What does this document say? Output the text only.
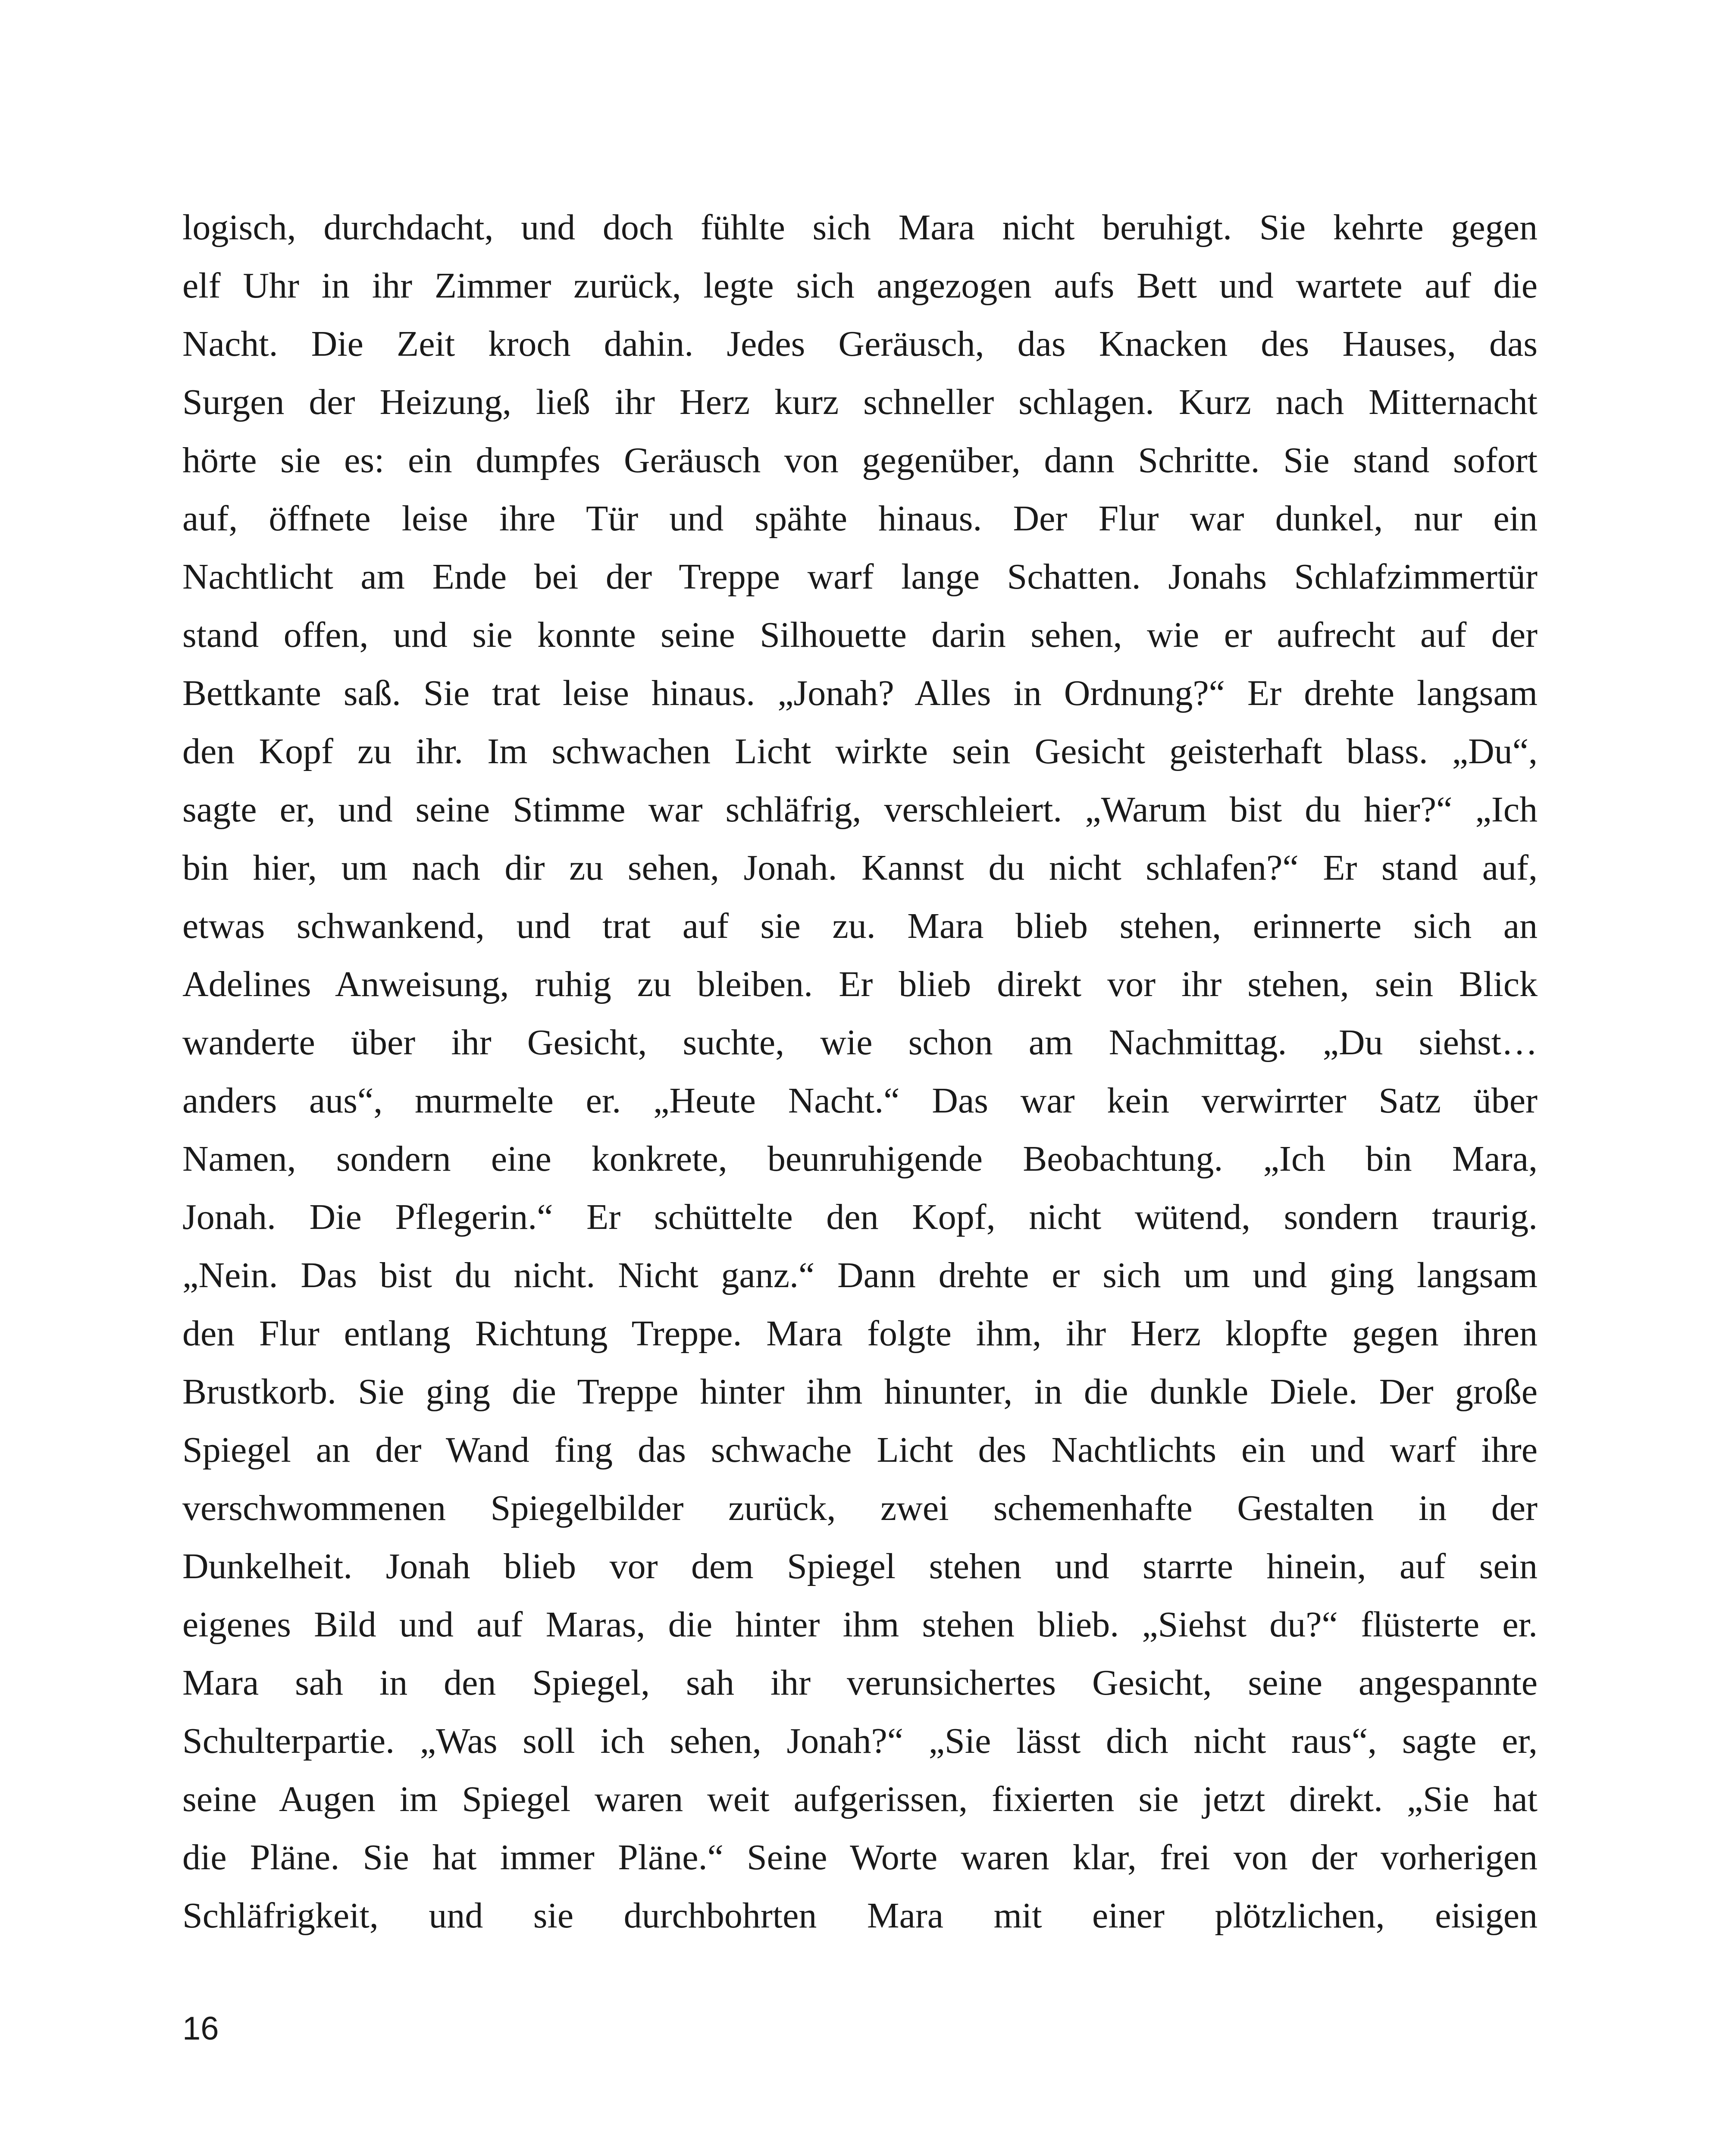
logisch, durchdacht, und doch fühlte sich Mara nicht beruhigt. Sie kehrte gegen
elf Uhr in ihr Zimmer zurück, legte sich angezogen aufs Bett und wartete auf die
Nacht. Die Zeit kroch dahin. Jedes Geräusch, das Knacken des Hauses, das
Surgen der Heizung, ließ ihr Herz kurz schneller schlagen. Kurz nach Mitternacht
hörte sie es: ein dumpfes Geräusch von gegenüber, dann Schritte. Sie stand sofort
auf, öffnete leise ihre Tür und spähte hinaus. Der Flur war dunkel, nur ein
Nachtlicht am Ende bei der Treppe warf lange Schatten. Jonahs Schlafzimmertür
stand offen, und sie konnte seine Silhouette darin sehen, wie er aufrecht auf der
Bettkante saß. Sie trat leise hinaus. „Jonah? Alles in Ordnung?“ Er drehte langsam
den Kopf zu ihr. Im schwachen Licht wirkte sein Gesicht geisterhaft blass. „Du“,
sagte er, und seine Stimme war schläfrig, verschleiert. „Warum bist du hier?“ „Ich
bin hier, um nach dir zu sehen, Jonah. Kannst du nicht schlafen?“ Er stand auf,
etwas schwankend, und trat auf sie zu. Mara blieb stehen, erinnerte sich an
Adelines Anweisung, ruhig zu bleiben. Er blieb direkt vor ihr stehen, sein Blick
wanderte über ihr Gesicht, suchte, wie schon am Nachmittag. „Du siehst…
anders aus“, murmelte er. „Heute Nacht.“ Das war kein verwirrter Satz über
Namen, sondern eine konkrete, beunruhigende Beobachtung. „Ich bin Mara,
Jonah. Die Pflegerin.“ Er schüttelte den Kopf, nicht wütend, sondern traurig.
„Nein. Das bist du nicht. Nicht ganz.“ Dann drehte er sich um und ging langsam
den Flur entlang Richtung Treppe. Mara folgte ihm, ihr Herz klopfte gegen ihren
Brustkorb. Sie ging die Treppe hinter ihm hinunter, in die dunkle Diele. Der große
Spiegel an der Wand fing das schwache Licht des Nachtlichts ein und warf ihre
verschwommenen Spiegelbilder zurück, zwei schemenhafte Gestalten in der
Dunkelheit. Jonah blieb vor dem Spiegel stehen und starrte hinein, auf sein
eigenes Bild und auf Maras, die hinter ihm stehen blieb. „Siehst du?“ flüsterte er.
Mara sah in den Spiegel, sah ihr verunsichertes Gesicht, seine angespannte
Schulterpartie. „Was soll ich sehen, Jonah?“ „Sie lässt dich nicht raus“, sagte er,
seine Augen im Spiegel waren weit aufgerissen, fixierten sie jetzt direkt. „Sie hat
die Pläne. Sie hat immer Pläne.“ Seine Worte waren klar, frei von der vorherigen
Schläfrigkeit, und sie durchbohrten Mara mit einer plötzlichen, eisigen
16
